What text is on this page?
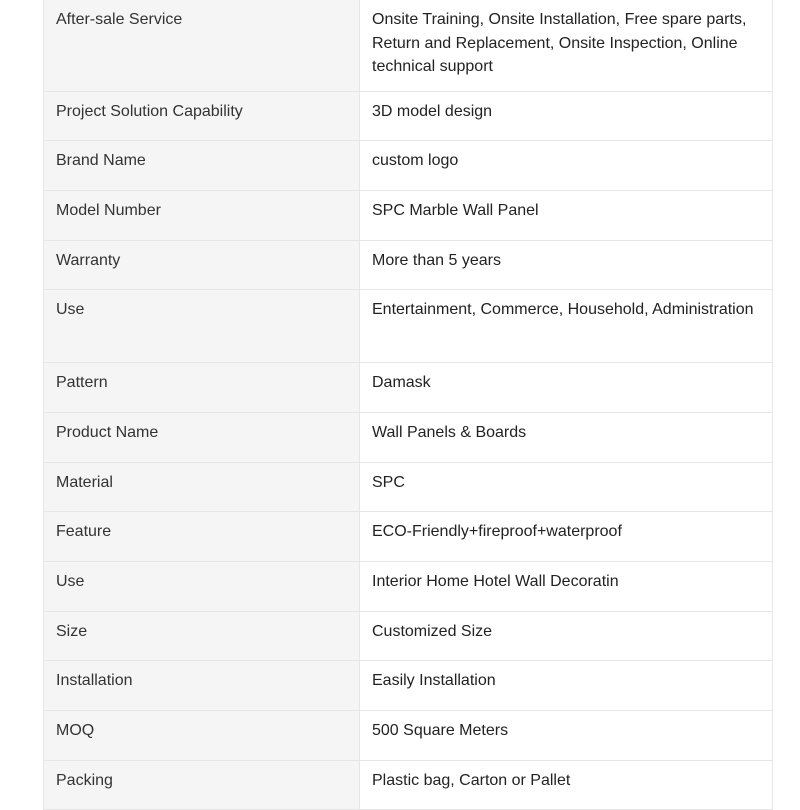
After-sale Service	Onsite Training, Onsite Installation, Free spare parts, Return and Replacement, Onsite Inspection, Online technical support
Project Solution Capability	3D model design
Brand Name	custom logo
Model Number	SPC Marble Wall Panel
Warranty	More than 5 years
Use	Entertainment, Commerce, Household, Administration
Pattern	Damask
Product Name	Wall Panels & Boards
Material	SPC
Feature	ECO-Friendly+fireproof+waterproof
Use	Interior Home Hotel Wall Decoratin
Size	Customized Size
Installation	Easily Installation
MOQ	500 Square Meters
Packing	Plastic bag, Carton or Pallet
